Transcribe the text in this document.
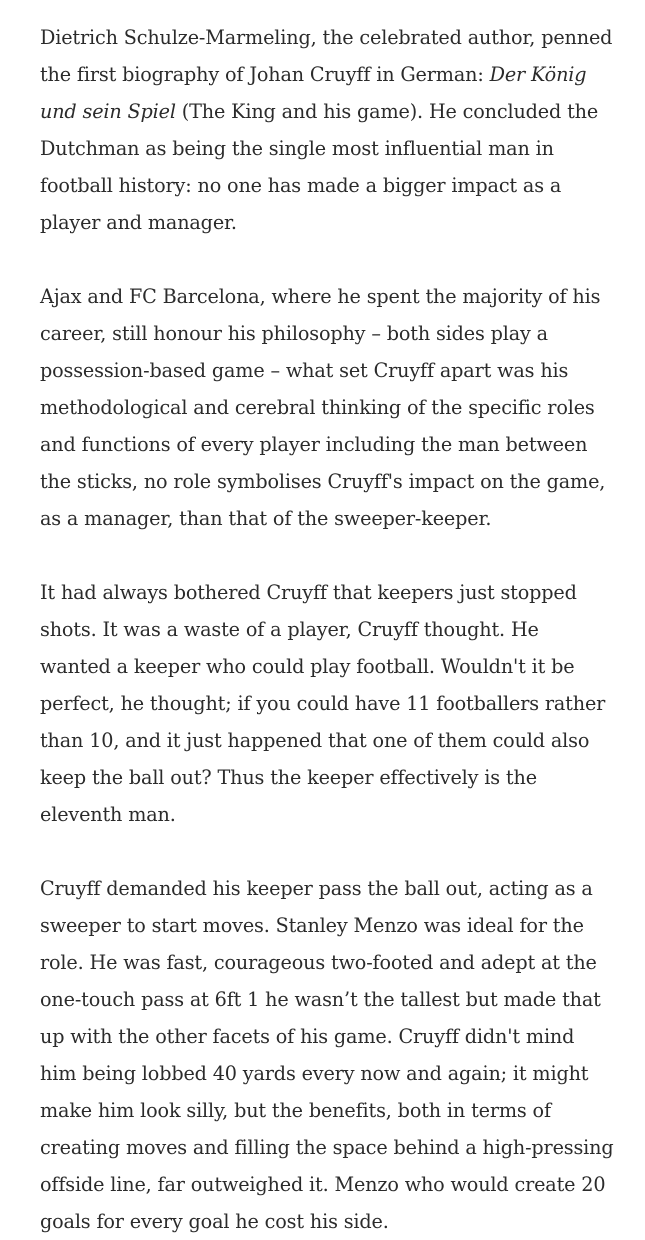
Dietrich Schulze-Marmeling, the celebrated author, penned the first biography of Johan Cruyff in German: Der König und sein Spiel (The King and his game). He concluded the Dutchman as being the single most influential man in football history: no one has made a bigger impact as a player and manager.

Ajax and FC Barcelona, where he spent the majority of his career, still honour his philosophy – both sides play a possession-based game – what set Cruyff apart was his methodological and cerebral thinking of the specific roles and functions of every player including the man between the sticks, no role symbolises Cruyff's impact on the game, as a manager, than that of the sweeper-keeper.

It had always bothered Cruyff that keepers just stopped shots. It was a waste of a player, Cruyff thought. He wanted a keeper who could play football. Wouldn't it be perfect, he thought; if you could have 11 footballers rather than 10, and it just happened that one of them could also keep the ball out? Thus the keeper effectively is the eleventh man.

Cruyff demanded his keeper pass the ball out, acting as a sweeper to start moves. Stanley Menzo was ideal for the role. He was fast, courageous two-footed and adept at the one-touch pass at 6ft 1 he wasn’t the tallest but made that up with the other facets of his game. Cruyff didn't mind him being lobbed 40 yards every now and again; it might make him look silly, but the benefits, both in terms of creating moves and filling the space behind a high-pressing offside line, far outweighed it. Menzo who would create 20 goals for every goal he cost his side.
